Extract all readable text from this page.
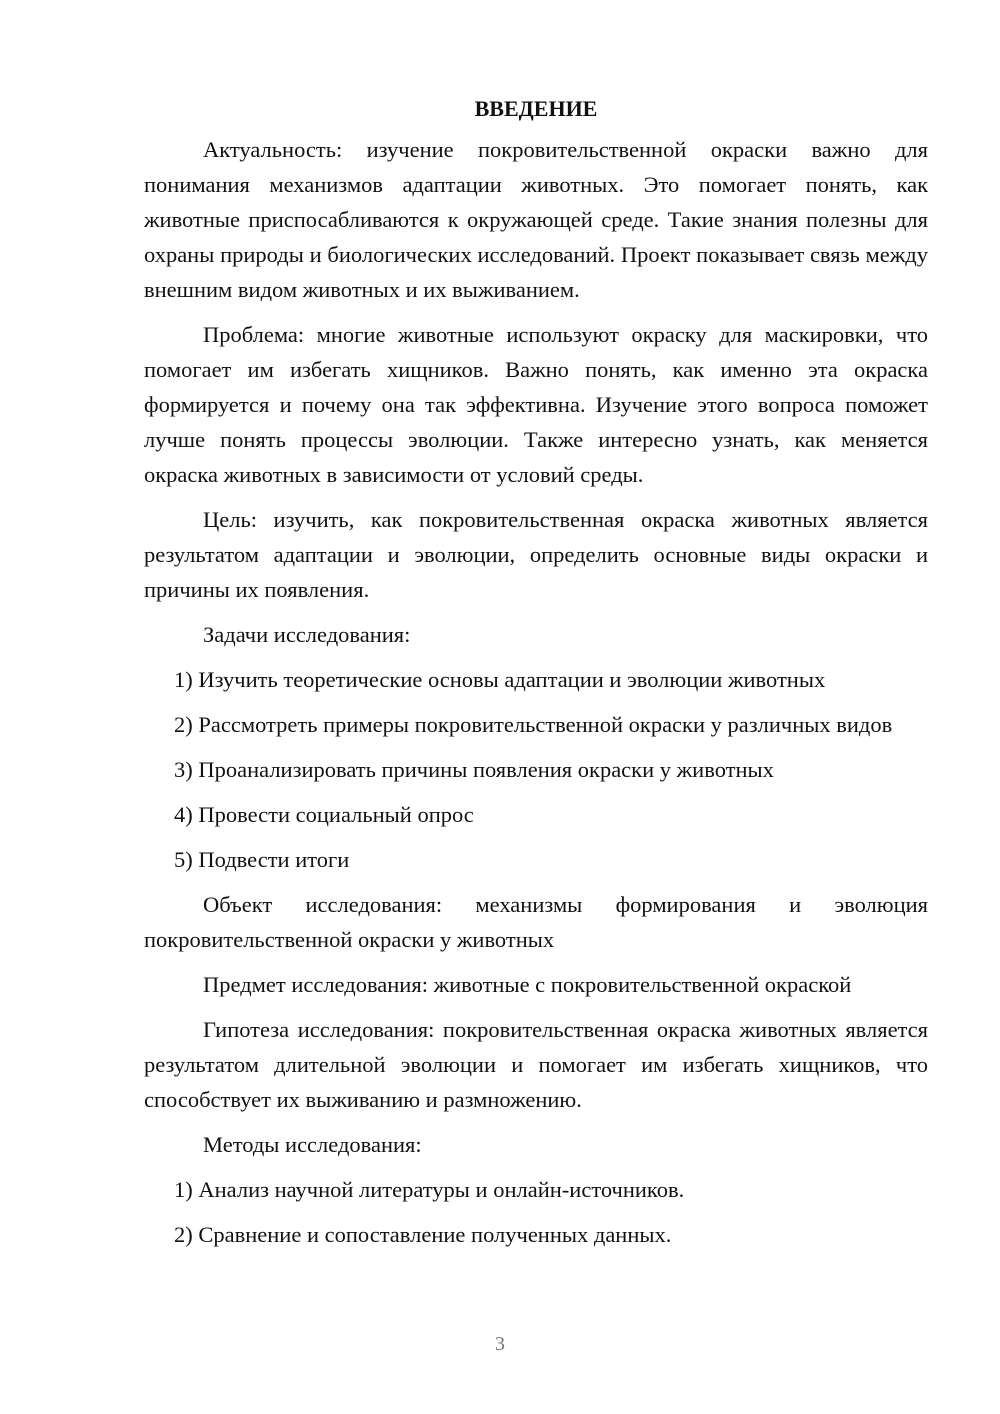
ВВЕДЕНИЕ

Актуальность: изучение покровительственной окраски важно для понимания механизмов адаптации животных. Это помогает понять, как животные приспосабливаются к окружающей среде. Такие знания полезны для охраны природы и биологических исследований. Проект показывает связь между внешним видом животных и их выживанием.

Проблема: многие животные используют окраску для маскировки, что помогает им избегать хищников. Важно понять, как именно эта окраска формируется и почему она так эффективна. Изучение этого вопроса поможет лучше понять процессы эволюции. Также интересно узнать, как меняется окраска животных в зависимости от условий среды.

Цель: изучить, как покровительственная окраска животных является результатом адаптации и эволюции, определить основные виды окраски и причины их появления.

Задачи исследования:

1) Изучить теоретические основы адаптации и эволюции животных

2) Рассмотреть примеры покровительственной окраски у различных видов

3) Проанализировать причины появления окраски у животных

4) Провести социальный опрос

5) Подвести итоги

Объект исследования: механизмы формирования и эволюция покровительственной окраски у животных

Предмет исследования: животные с покровительственной окраской

Гипотеза исследования: покровительственная окраска животных является результатом длительной эволюции и помогает им избегать хищников, что способствует их выживанию и размножению.

Методы исследования:

1) Анализ научной литературы и онлайн-источников.

2) Сравнение и сопоставление полученных данных.

3
